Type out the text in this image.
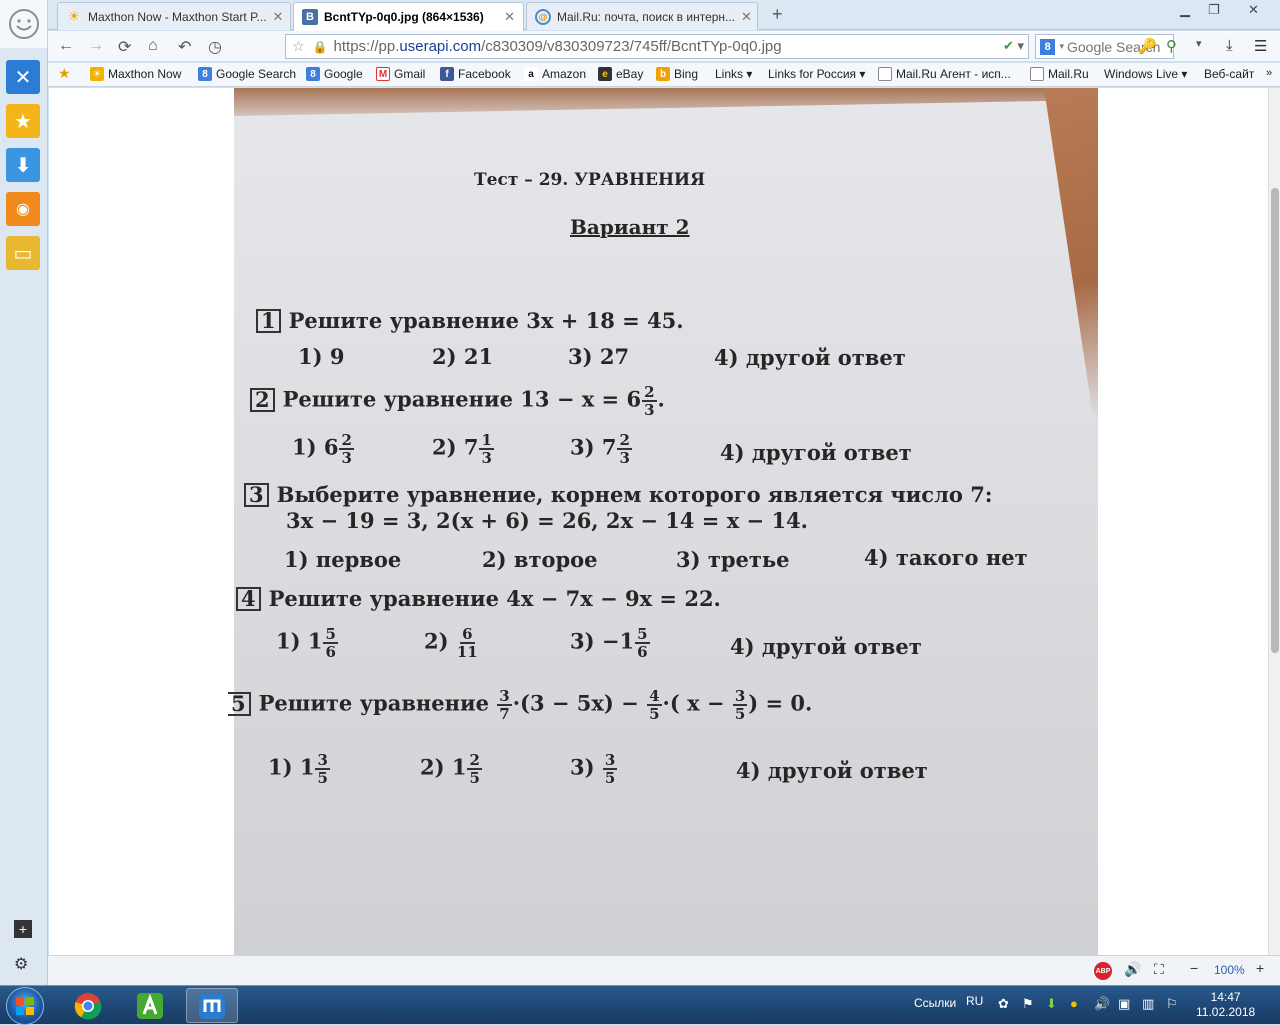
☀ Maxthon Now - Maxthon Start P... ✕	B BcntTYp-0q0.jpg (864×1536)	✕	@ Mail.Ru: почта, поиск в интерн... ✕ +	▁ ❐ ✕
← → ⟳ ⌂ ↶ ◷	☆ 🔒 https://pp.userapi.com/c830309/v830309723/745ff/BcntTYp-0q0.jpg	✔ ▾	8 ▾
Google Search	🔑 ⚲ ▾ ⤓ ☰
★ ☀ Maxthon Now	8 Google Search	8 Google M Gmail	f Facebook	a Amazon	e eBay	b Bing Links ▾ Links for Россия ▾	Mail.Ru Агент - исп...	Mail.Ru Windows Live ▾ Веб-сайт »
✕
★
⬇
◉
▭
+
⚙
Тест – 29. УРАВНЕНИЯ
Вариант 2
1 Решите уравнение 3x + 18 = 45.
1) 9	2) 21	3) 27	4) другой ответ
2 Решите уравнение $13 - x = 6 \frac{2}{3}$ .
1) $6 \frac{2}{3}$	2) $7 \frac{1}{3}$	3) $7 \frac{2}{3}$	4) другой ответ
3 Выберите уравнение, корнем которого является число 7:
3x − 19 = 3, 2(x + 6) = 26, 2x − 14 = x − 14.
1) первое	2) второе	3) третье	4) такого нет
4 Решите уравнение 4x − 7x − 9x = 22.
1) $1 \frac{5}{6}$	$2) \frac{6}{11}$	$3) -1 \frac{5}{6}$	4) другой ответ
5 Решите уравнение $\frac{3}{7} \cdot(3 - 5x) - \frac{4}{5}$ ·( $x - \frac{3}{5}$ ) = 0.
1) $1 \frac{3}{5}$	2) $1 \frac{2}{5}$	$3) \frac{3}{5}$	4) другой ответ
ABP 🔊 ⛶ − 100% +
Ссылки RU ✿ ⚑ ⬇ ● 🔊 ▣ ▥ ⚐	14:47
11.02.2018
